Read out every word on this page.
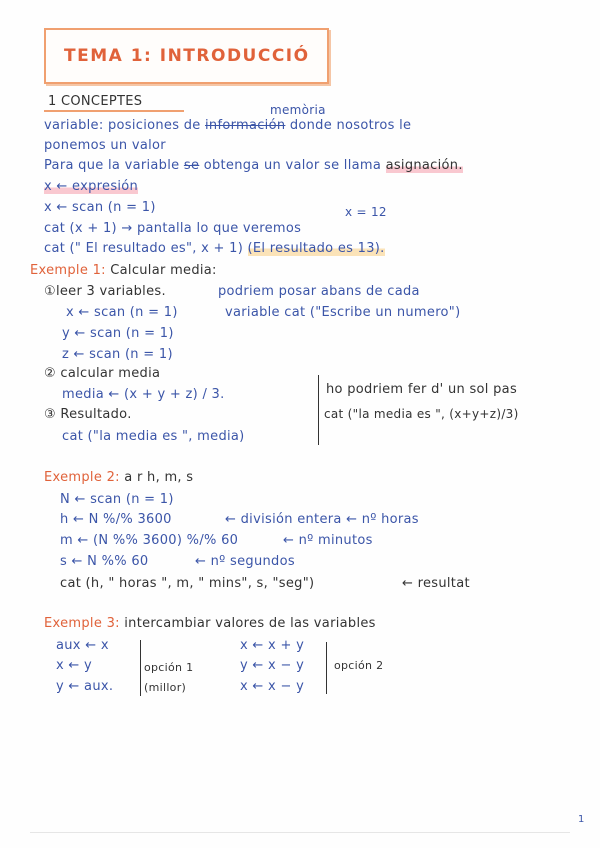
TEMA 1: INTRODUCCIÓ
1 CONCEPTES
memòria
variable: posiciones de información donde nosotros le
ponemos un valor
Para que la variable se obtenga un valor se llama asignación.
x ← expresión
x ← scan (n = 1)	x = 12
cat (x + 1) → pantalla lo que veremos
cat (" El resultado es", x + 1) (El resultado es 13).
Exemple 1: Calcular media:
①leer 3 variables.	podriem posar abans de cada
variable cat ("Escribe un numero")
x ← scan (n = 1)
y ← scan (n = 1)
z ← scan (n = 1)
② calcular media
media ← (x + y + z) / 3.
③ Resultado.
cat ("la media es ", media)
ho podriem fer d' un sol pas
cat ("la media es ", (x+y+z)/3)
Exemple 2: a r h, m, s
N ← scan (n = 1)
h ← N %/% 3600	← división entera ← nº horas
m ← (N %% 3600) %/% 60	← nº minutos
s ← N %% 60	← nº segundos
cat (h, " horas ", m, " mins", s, "seg")	← resultat
Exemple 3: intercambiar valores de las variables
aux ← x
x ← y
y ← aux.
opción 1
(millor)
x ← x + y
y ← x − y
x ← x − y
opción 2
1
